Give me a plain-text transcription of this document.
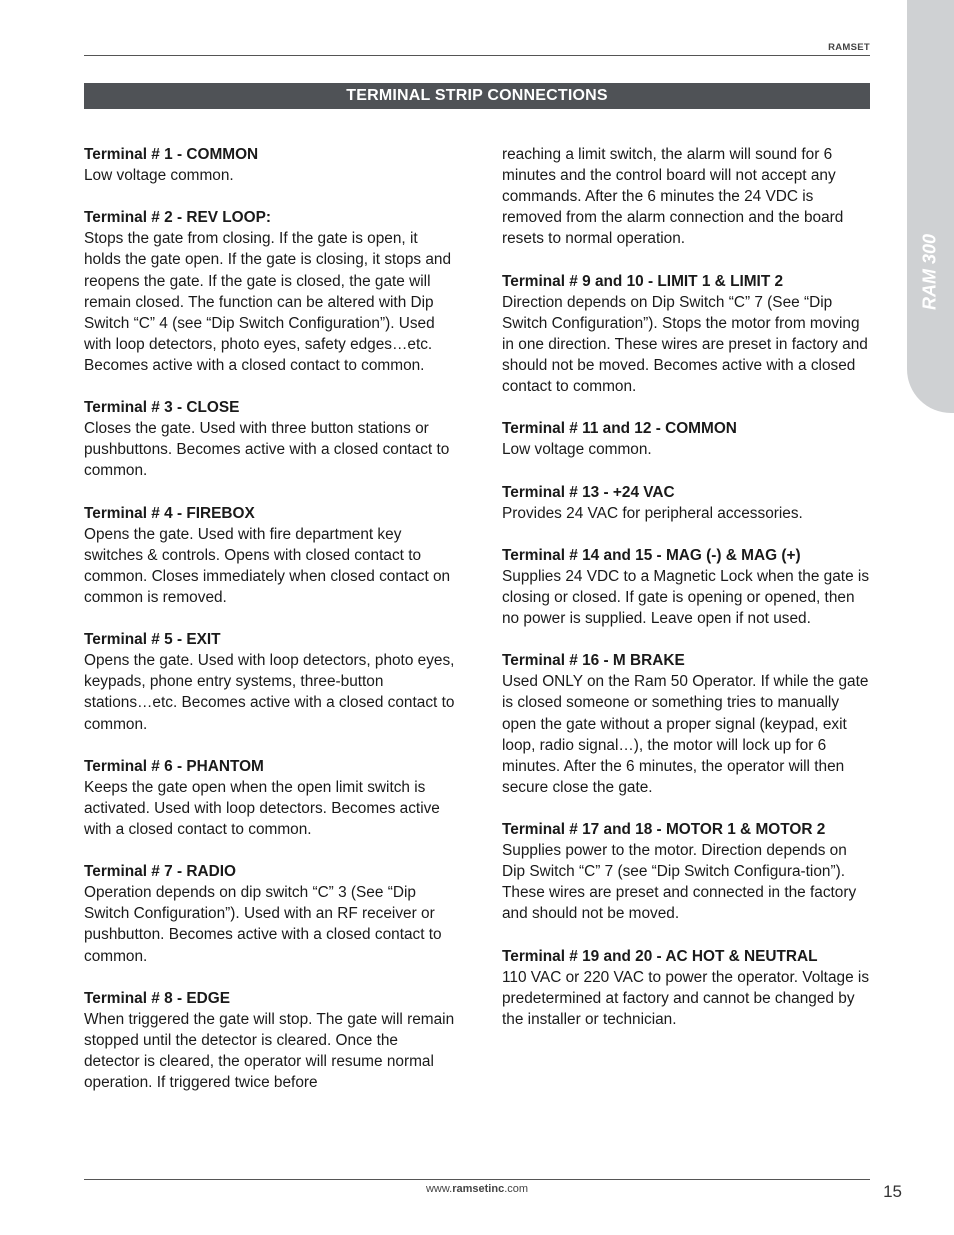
RAMSET
RAM 300
TERMINAL STRIP CONNECTIONS
Terminal # 1 - COMMON
Low voltage common.
Terminal # 2 - REV LOOP:
Stops the gate from closing. If the gate is open, it holds the gate open. If the gate is closing, it stops and reopens the gate. If the gate is closed, the gate will remain closed. The function can be altered with Dip Switch “C” 4 (see “Dip Switch Configuration”). Used with loop detectors, photo eyes, safety edges…etc. Becomes active with a closed contact to common.
Terminal # 3 - CLOSE
Closes the gate. Used with three button stations or pushbuttons. Becomes active with a closed contact to common.
Terminal # 4 - FIREBOX
Opens the gate. Used with fire department key switches & controls. Opens with closed contact to common. Closes immediately when closed contact on common is removed.
Terminal # 5 - EXIT
Opens the gate. Used with loop detectors, photo eyes, keypads, phone entry systems, three-button stations…etc. Becomes active with a closed contact to common.
Terminal # 6 - PHANTOM
Keeps the gate open when the open limit switch is activated. Used with loop detectors. Becomes active with a closed contact to common.
Terminal # 7 - RADIO
Operation depends on dip switch “C” 3 (See “Dip Switch Configuration”). Used with an RF receiver or pushbutton. Becomes active with a closed contact to common.
Terminal # 8 - EDGE
When triggered the gate will stop. The gate will remain stopped until the detector is cleared. Once the detector is cleared, the operator will resume normal operation. If triggered twice before
reaching a limit switch, the alarm will sound for 6 minutes and the control board will not accept any commands. After the 6 minutes the 24 VDC is removed from the alarm connection and the board resets to normal operation.
Terminal # 9 and 10 - LIMIT 1 & LIMIT 2
Direction depends on Dip Switch “C” 7 (See “Dip Switch Configuration”). Stops the motor from moving in one direction. These wires are preset in factory and should not be moved. Becomes active with a closed contact to common.
Terminal # 11 and 12 - COMMON
Low voltage common.
Terminal # 13 - +24 VAC
Provides 24 VAC for peripheral accessories.
Terminal # 14 and 15 - MAG (-) & MAG (+)
Supplies 24 VDC to a Magnetic Lock when the gate is closing or closed. If gate is opening or opened, then no power is supplied. Leave open if not used.
Terminal # 16 - M BRAKE
Used ONLY on the Ram 50 Operator. If while the gate is closed someone or something tries to manually open the gate without a proper signal (keypad, exit loop, radio signal…), the motor will lock up for 6 minutes. After the 6 minutes, the operator will then secure close the gate.
Terminal # 17 and 18 - MOTOR 1 & MOTOR 2
Supplies power to the motor. Direction depends on Dip Switch “C” 7 (see “Dip Switch Configura-tion”). These wires are preset and connected in the factory and should not be moved.
Terminal # 19 and 20 - AC HOT & NEUTRAL
110 VAC or 220 VAC to power the operator. Voltage is predetermined at factory and cannot be changed by the installer or technician.
www.ramsetinc.com	15
